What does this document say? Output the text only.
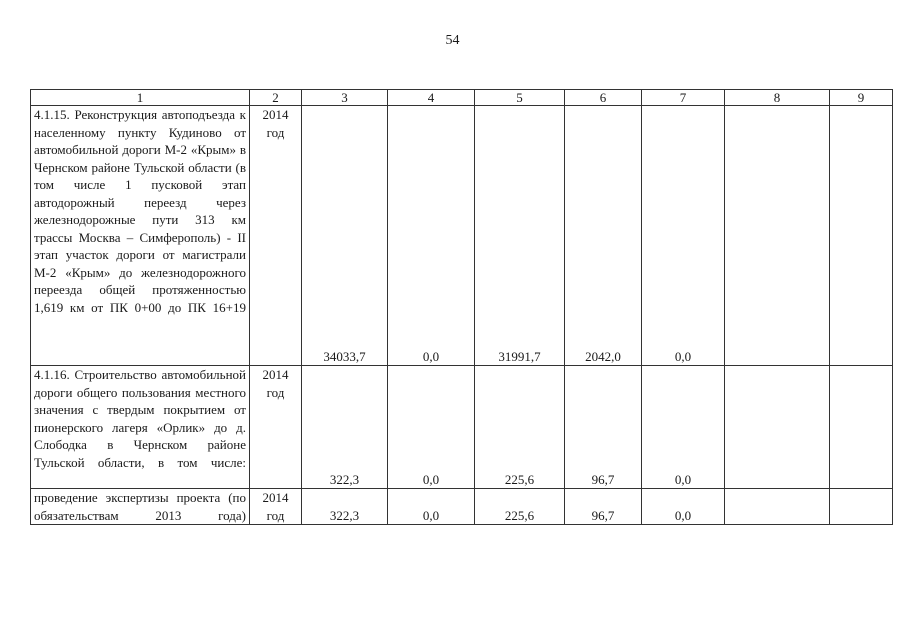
54
1	2	3	4	5	6	7	8	9

4.1.15. Реконструкция автоподъезда к населенному пункту Кудиново от автомобильной дороги М-2 «Крым» в Чернском районе Тульской области (в том числе 1 пусковой этап автодорожный переезд через железнодорожные пути 313 км трассы Москва – Симферополь) - II этап участок дороги от магистрали М-2 «Крым» до железнодорожного переезда общей протяженностью 1,619 км от ПК 0+00 до ПК 16+19	2014 год	34033,7	0,0	31991,7	2042,0	0,0		

4.1.16. Строительство автомобильной дороги общего пользования местного значения с твердым покрытием от пионерского лагеря «Орлик» до д. Слободка в Чернском районе Тульской области, в том числе:	2014 год	322,3	0,0	225,6	96,7	0,0		

проведение экспертизы проекта (по обязательствам 2013 года)	2014 год	322,3	0,0	225,6	96,7	0,0		
